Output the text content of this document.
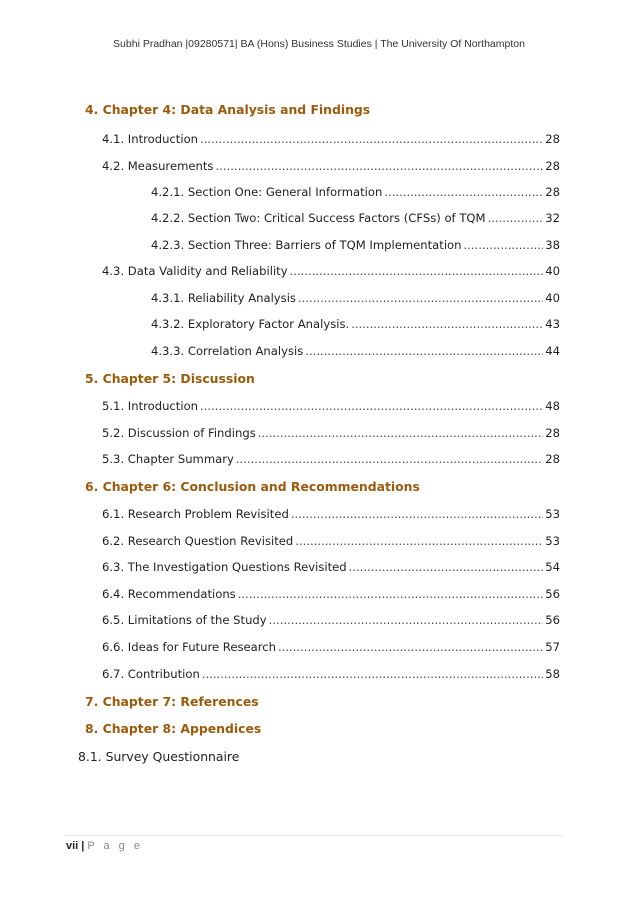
Subhi Pradhan |09280571| BA (Hons) Business Studies | The University Of Northampton
4. Chapter 4: Data Analysis and Findings
4.1. Introduction .....	28
4.2. Measurements .....	28
4.2.1. Section One: General Information .....	28
4.2.2. Section Two: Critical Success Factors (CFSs) of TQM .....	32
4.2.3. Section Three: Barriers of TQM Implementation .....	38
4.3. Data Validity and Reliability .....	40
4.3.1. Reliability Analysis .....	40
4.3.2. Exploratory Factor Analysis. .....	43
4.3.3. Correlation Analysis .....	44
5. Chapter 5: Discussion
5.1. Introduction .....	48
5.2. Discussion of Findings .....	28
5.3. Chapter Summary .....	28
6. Chapter 6: Conclusion and Recommendations
6.1. Research Problem Revisited .....	53
6.2. Research Question Revisited .....	53
6.3. The Investigation Questions Revisited .....	54
6.4. Recommendations .....	56
6.5. Limitations of the Study .....	56
6.6. Ideas for Future Research .....	57
6.7. Contribution .....	58
7. Chapter 7: References
8. Chapter 8: Appendices
8.1. Survey Questionnaire
vii | P a g e
